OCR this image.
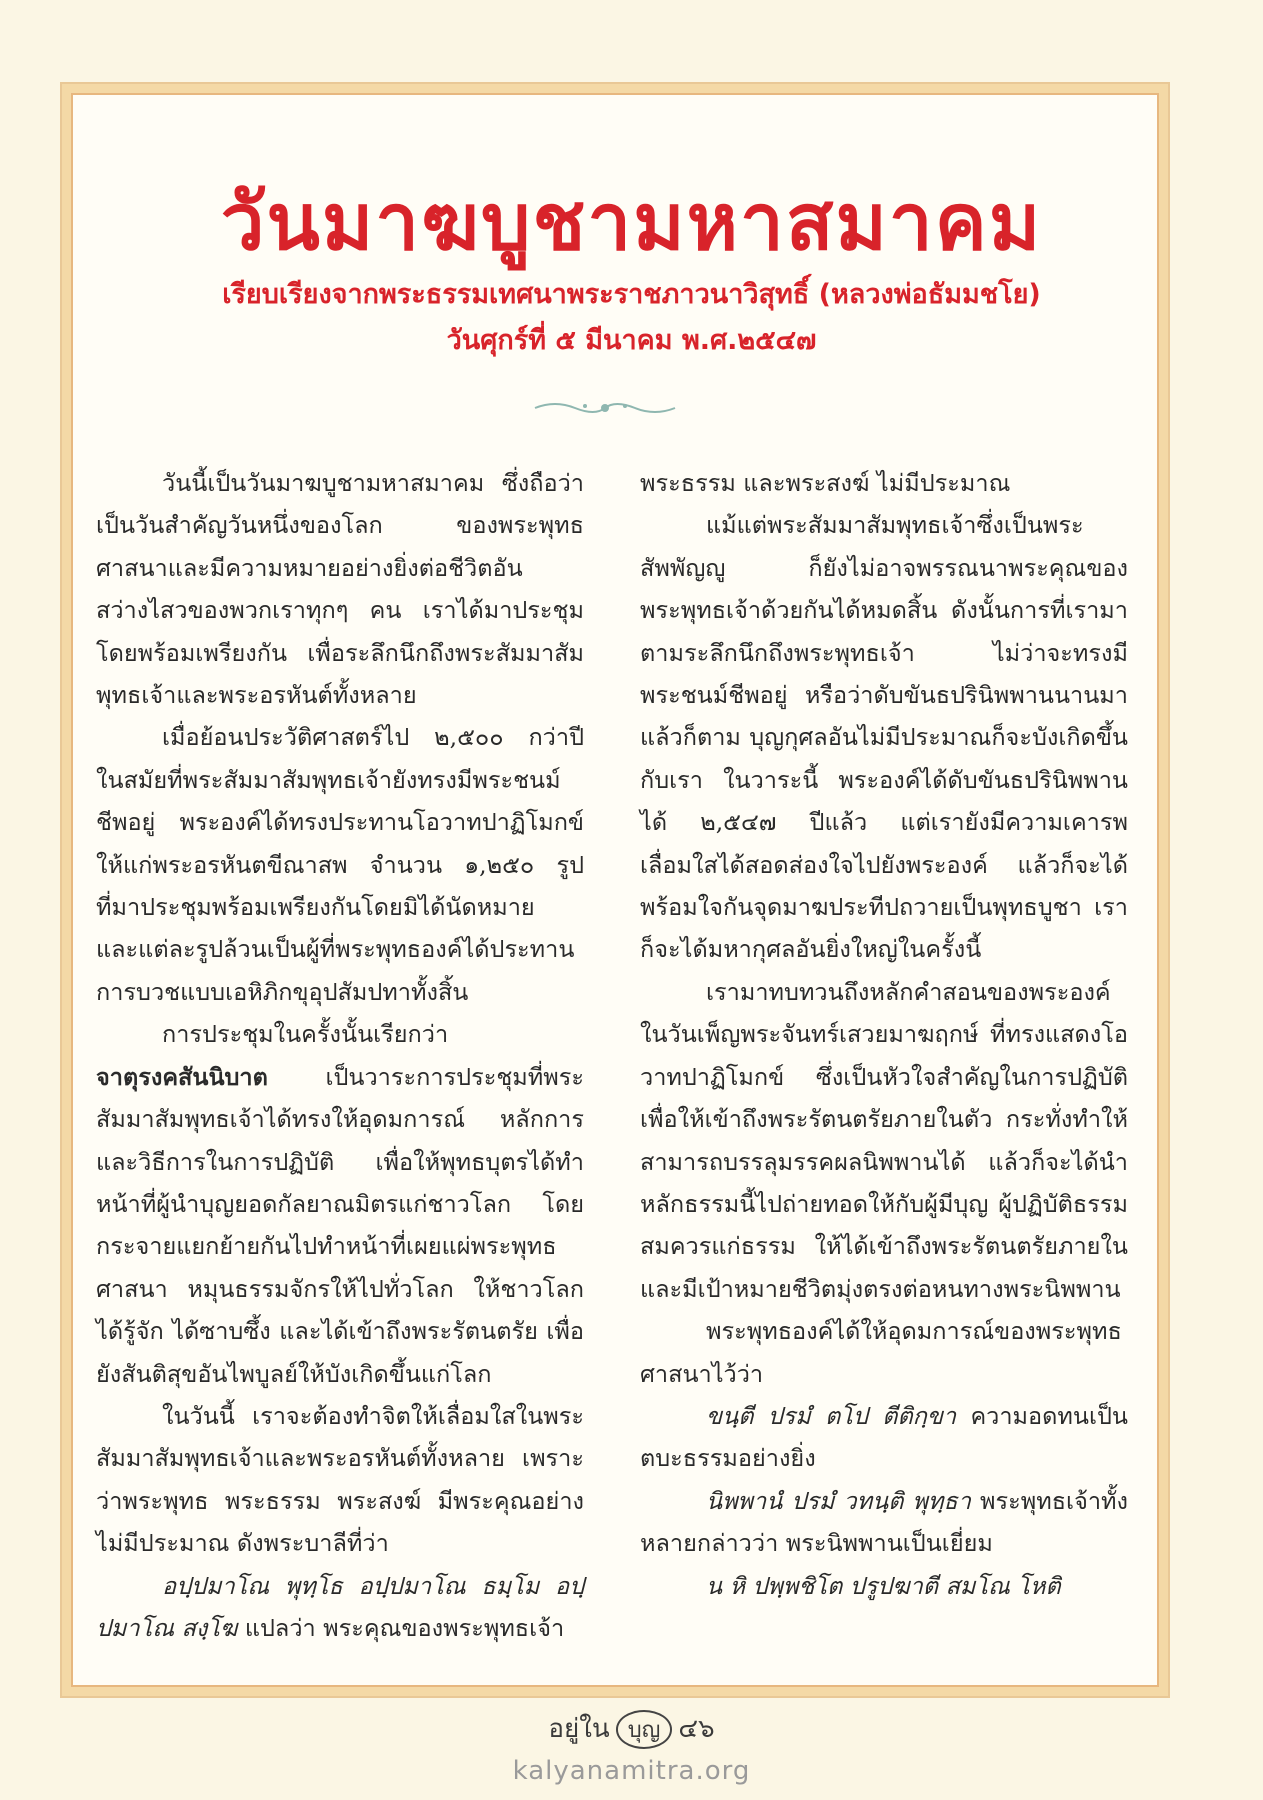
วันมาฆบูชามหาสมาคม
เรียบเรียงจากพระธรรมเทศนาพระราชภาวนาวิสุทธิ์ (หลวงพ่อธัมมชโย)
วันศุกร์ที่ ๕ มีนาคม พ.ศ.๒๕๔๗

วันนี้เป็นวันมาฆบูชามหาสมาคม ซึ่งถือว่าเป็นวันสำคัญวันหนึ่งของโลก ของพระพุทธศาสนาและมีความหมายอย่างยิ่งต่อชีวิตอันสว่างไสวของพวกเราทุกๆ คน เราได้มาประชุมโดยพร้อมเพรียงกัน เพื่อระลึกนึกถึงพระสัมมาสัมพุทธเจ้าและพระอรหันต์ทั้งหลาย

เมื่อย้อนประวัติศาสตร์ไป ๒,๕๐๐ กว่าปี ในสมัยที่พระสัมมาสัมพุทธเจ้ายังทรงมีพระชนม์ชีพอยู่ พระองค์ได้ทรงประทานโอวาทปาฏิโมกข์ให้แก่พระอรหันตขีณาสพ จำนวน ๑,๒๕๐ รูป ที่มาประชุมพร้อมเพรียงกันโดยมิได้นัดหมาย และแต่ละรูปล้วนเป็นผู้ที่พระพุทธองค์ได้ประทานการบวชแบบเอหิภิกขุอุปสัมปทาทั้งสิ้น

การประชุมในครั้งนั้นเรียกว่า จาตุรงคสันนิบาต เป็นวาระการประชุมที่พระสัมมาสัมพุทธเจ้าได้ทรงให้อุดมการณ์ หลักการ และวิธีการในการปฏิบัติ เพื่อให้พุทธบุตรได้ทำหน้าที่ผู้นำบุญยอดกัลยาณมิตรแก่ชาวโลก โดยกระจายแยกย้ายกันไปทำหน้าที่เผยแผ่พระพุทธศาสนา หมุนธรรมจักรให้ไปทั่วโลก ให้ชาวโลกได้รู้จัก ได้ซาบซึ้ง และได้เข้าถึงพระรัตนตรัย เพื่อยังสันติสุขอันไพบูลย์ให้บังเกิดขึ้นแก่โลก

ในวันนี้ เราจะต้องทำจิตให้เลื่อมใสในพระสัมมาสัมพุทธเจ้าและพระอรหันต์ทั้งหลาย เพราะว่าพระพุทธ พระธรรม พระสงฆ์ มีพระคุณอย่างไม่มีประมาณ ดังพระบาลีที่ว่า

อปฺปมาโณ พุทฺโธ อปฺปมาโณ ธมฺโม อปฺปมาโณ สงฺโฆ แปลว่า พระคุณของพระพุทธเจ้า

พระธรรม และพระสงฆ์ ไม่มีประมาณ

แม้แต่พระสัมมาสัมพุทธเจ้าซึ่งเป็นพระสัพพัญญู ก็ยังไม่อาจพรรณนาพระคุณของพระพุทธเจ้าด้วยกันได้หมดสิ้น ดังนั้นการที่เรามาตามระลึกนึกถึงพระพุทธเจ้า ไม่ว่าจะทรงมีพระชนม์ชีพอยู่ หรือว่าดับขันธปรินิพพานนานมาแล้วก็ตาม บุญกุศลอันไม่มีประมาณก็จะบังเกิดขึ้นกับเรา ในวาระนี้ พระองค์ได้ดับขันธปรินิพพานได้ ๒,๕๔๗ ปีแล้ว แต่เรายังมีความเคารพเลื่อมใสได้สอดส่องใจไปยังพระองค์ แล้วก็จะได้พร้อมใจกันจุดมาฆประทีปถวายเป็นพุทธบูชา เราก็จะได้มหากุศลอันยิ่งใหญ่ในครั้งนี้

เรามาทบทวนถึงหลักคำสอนของพระองค์ในวันเพ็ญพระจันทร์เสวยมาฆฤกษ์ ที่ทรงแสดงโอวาทปาฏิโมกข์ ซึ่งเป็นหัวใจสำคัญในการปฏิบัติเพื่อให้เข้าถึงพระรัตนตรัยภายในตัว กระทั่งทำให้สามารถบรรลุมรรคผลนิพพานได้ แล้วก็จะได้นำหลักธรรมนี้ไปถ่ายทอดให้กับผู้มีบุญ ผู้ปฏิบัติธรรม สมควรแก่ธรรม ให้ได้เข้าถึงพระรัตนตรัยภายใน และมีเป้าหมายชีวิตมุ่งตรงต่อหนทางพระนิพพาน

พระพุทธองค์ได้ให้อุดมการณ์ของพระพุทธศาสนาไว้ว่า

ขนฺตี ปรมํ ตโป ตีติกฺขา ความอดทนเป็นตบะธรรมอย่างยิ่ง

นิพพานํ ปรมํ วทนฺติ พุทฺธา พระพุทธเจ้าทั้งหลายกล่าวว่า พระนิพพานเป็นเยี่ยม

น หิ ปพฺพชิโต ปรูปฆาตี สมโณ โหติ

อยู่ใน บุญ ๔๖
kalyanamitra.org
